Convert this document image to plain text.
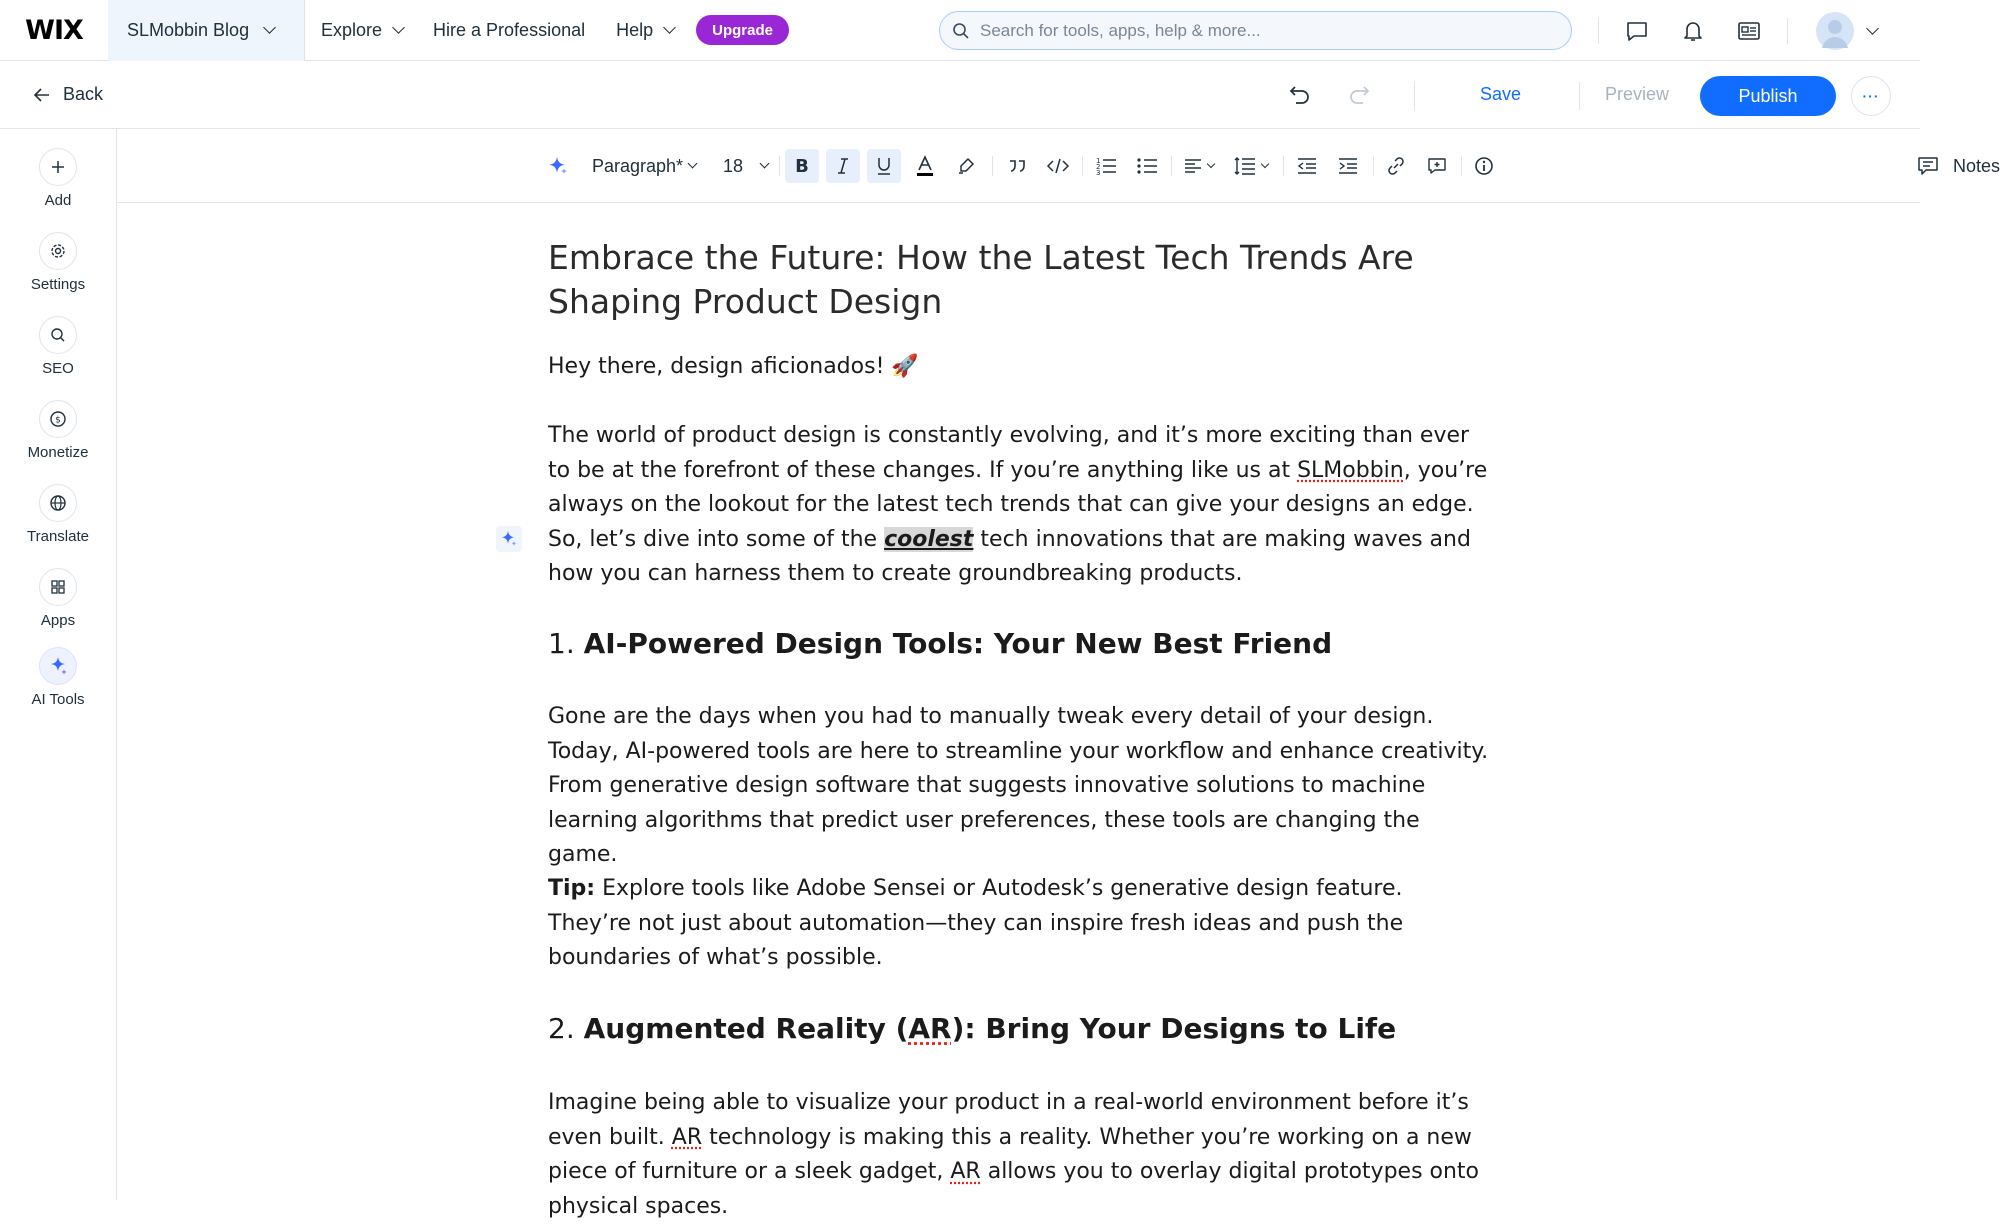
WIX	SLMobbin Blog	Explore	Hire a Professional Help	Upgrade	Search for tools, apps, help & more...
Back	Save	Preview	Publish	···
Add
Settings
SEO
$
Monetize
Translate
Apps
AI Tools
Paragraph* 18	B	1
2
3	Notes
Embrace the Future: How the Latest Tech Trends Are Shaping Product Design
Hey there, design aficionados! 🚀
The world of product design is constantly evolving, and it’s more exciting than ever to be at the forefront of these changes. If you’re anything like us at SLMobbin, you’re always on the lookout for the latest tech trends that can give your designs an edge. So, let’s dive into some of the coolest tech innovations that are making waves and how you can harness them to create groundbreaking products.
1. AI-Powered Design Tools: Your New Best Friend
Gone are the days when you had to manually tweak every detail of your design. Today, AI-powered tools are here to streamline your workflow and enhance creativity. From generative design software that suggests innovative solutions to machine learning algorithms that predict user preferences, these tools are changing the game.
Tip: Explore tools like Adobe Sensei or Autodesk’s generative design feature. They’re not just about automation—they can inspire fresh ideas and push the boundaries of what’s possible.
2. Augmented Reality (AR): Bring Your Designs to Life
Imagine being able to visualize your product in a real-world environment before it’s even built. AR technology is making this a reality. Whether you’re working on a new piece of furniture or a sleek gadget, AR allows you to overlay digital prototypes onto physical spaces.
